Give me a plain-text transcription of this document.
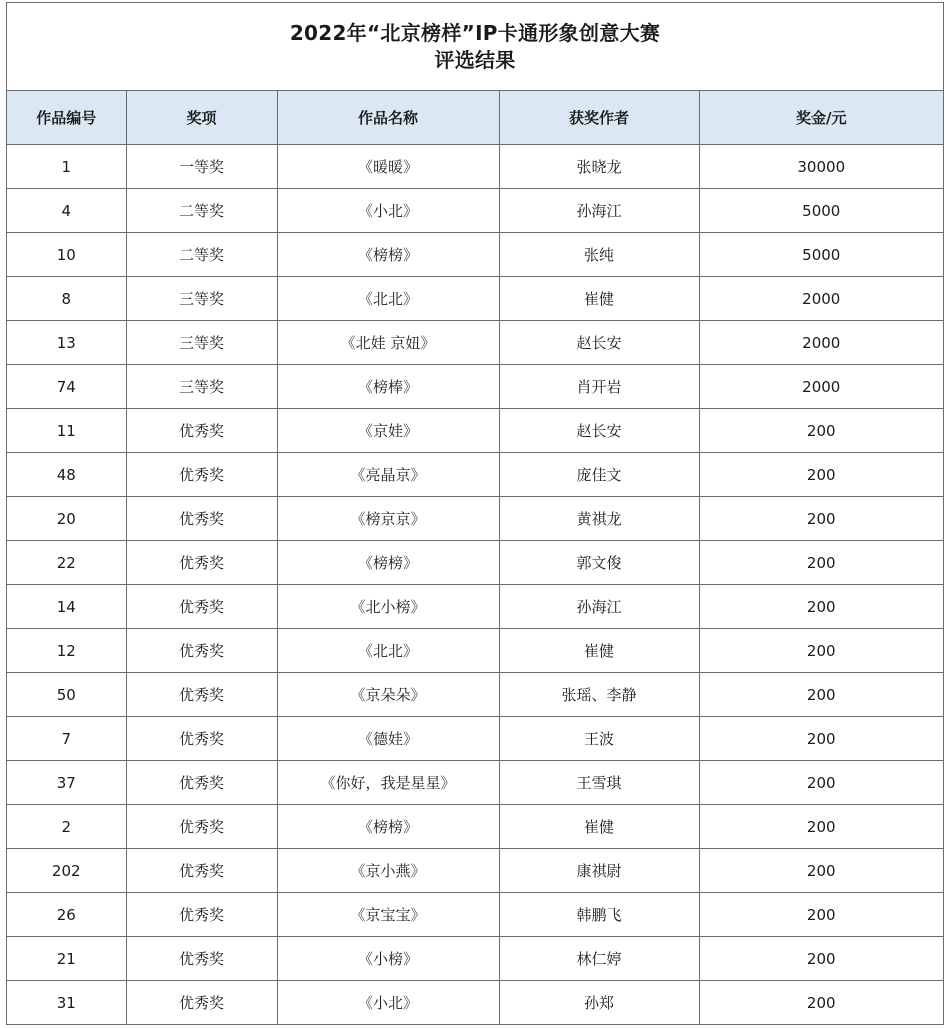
2022年“北京榜样”IP卡通形象创意大赛
评选结果
作品编号	奖项	作品名称	获奖作者	奖金/元
1	一等奖	《暖暖》	张晓龙	30000
4	二等奖	《小北》	孙海江	5000
10	二等奖	《榜榜》	张纯	5000
8	三等奖	《北北》	崔健	2000
13	三等奖	《北娃 京妞》	赵长安	2000
74	三等奖	《榜棒》	肖开岩	2000
11	优秀奖	《京娃》	赵长安	200
48	优秀奖	《亮晶京》	庞佳文	200
20	优秀奖	《榜京京》	黄祺龙	200
22	优秀奖	《榜榜》	郭文俊	200
14	优秀奖	《北小榜》	孙海江	200
12	优秀奖	《北北》	崔健	200
50	优秀奖	《京朵朵》	张瑶、李静	200
7	优秀奖	《德娃》	王波	200
37	优秀奖	《你好，我是星星》	王雪琪	200
2	优秀奖	《榜榜》	崔健	200
202	优秀奖	《京小燕》	康祺尉	200
26	优秀奖	《京宝宝》	韩鹏飞	200
21	优秀奖	《小榜》	林仁婷	200
31	优秀奖	《小北》	孙郑	200
